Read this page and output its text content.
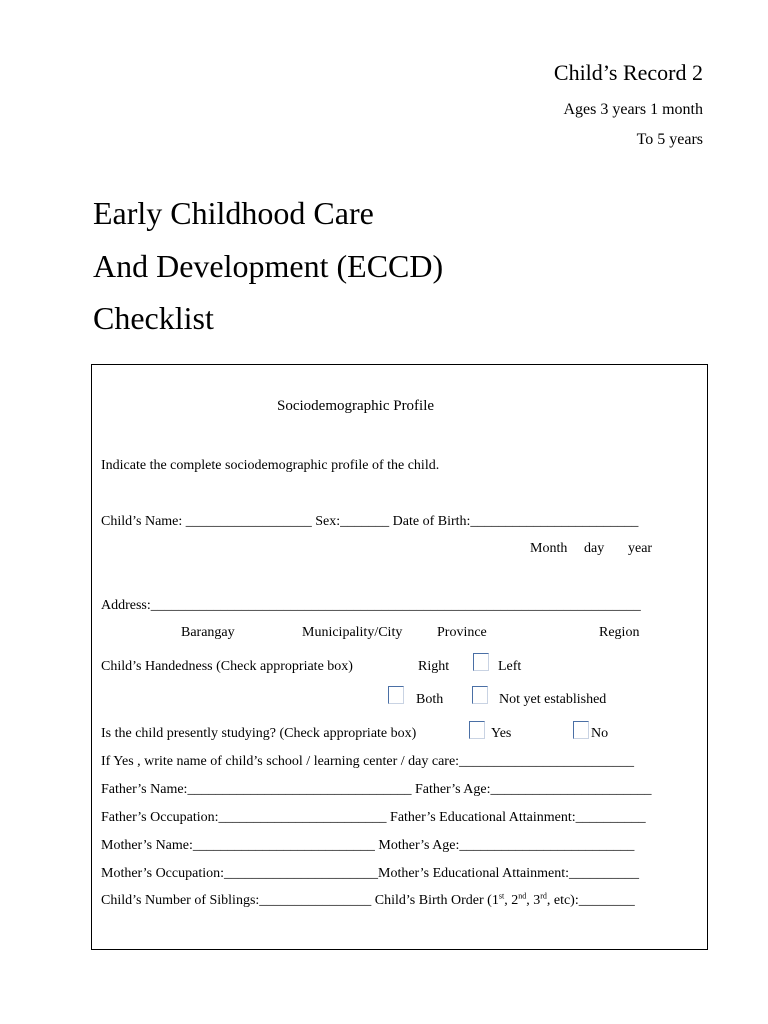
Child’s Record 2
Ages 3 years 1 month
To 5 years
Early Childhood Care
And Development (ECCD)
Checklist
Sociodemographic Profile
Indicate the complete sociodemographic profile of the child.
Child’s Name: __________________ Sex:_______ Date of Birth:________________________
Month day year
Address:______________________________________________________________________
Barangay	Municipality/City Province	Region
Child’s Handedness (Check appropriate box)	Right	Left
Both	Not yet established
Is the child presently studying? (Check appropriate box)	Yes	No
If Yes , write name of child’s school / learning center / day care:_________________________
Father’s Name:________________________________ Father’s Age:_______________________
Father’s Occupation:________________________ Father’s Educational Attainment:__________
Mother’s Name:__________________________ Mother’s Age:_________________________
Mother’s Occupation:______________________Mother’s Educational Attainment:__________
Child’s Number of Siblings:________________ Child’s Birth Order (1st, 2nd, 3rd, etc):________
